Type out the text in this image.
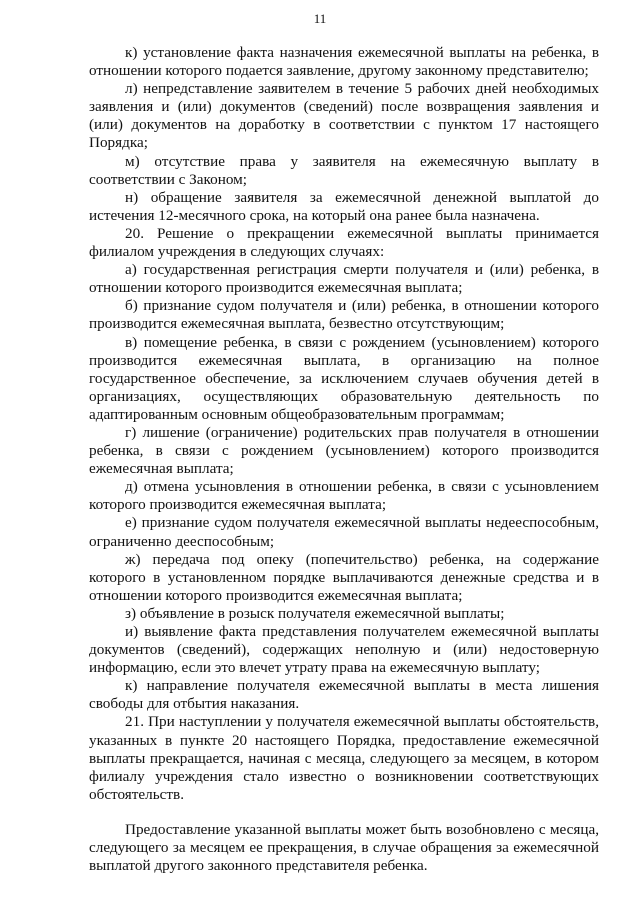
11

к) установление факта назначения ежемесячной выплаты на ребенка, в отношении которого подается заявление, другому законному представителю;

л) непредставление заявителем в течение 5 рабочих дней необходимых заявления и (или) документов (сведений) после возвращения заявления и (или) документов на доработку в соответствии с пунктом 17 настоящего Порядка;

м) отсутствие права у заявителя на ежемесячную выплату в соответствии с Законом;

н) обращение заявителя за ежемесячной денежной выплатой до истечения 12-месячного срока, на который она ранее была назначена.

20. Решение о прекращении ежемесячной выплаты принимается филиалом учреждения в следующих случаях:

а) государственная регистрация смерти получателя и (или) ребенка, в отношении которого производится ежемесячная выплата;

б) признание судом получателя и (или) ребенка, в отношении которого производится ежемесячная выплата, безвестно отсутствующим;

в) помещение ребенка, в связи с рождением (усыновлением) которого производится ежемесячная выплата, в организацию на полное государственное обеспечение, за исключением случаев обучения детей в организациях, осуществляющих образовательную деятельность по адаптированным основным общеобразовательным программам;

г) лишение (ограничение) родительских прав получателя в отношении ребенка, в связи с рождением (усыновлением) которого производится ежемесячная выплата;

д) отмена усыновления в отношении ребенка, в связи с усыновлением которого производится ежемесячная выплата;

е) признание судом получателя ежемесячной выплаты недееспособным, ограниченно дееспособным;

ж) передача под опеку (попечительство) ребенка, на содержание которого в установленном порядке выплачиваются денежные средства и в отношении которого производится ежемесячная выплата;

з) объявление в розыск получателя ежемесячной выплаты;

и) выявление факта представления получателем ежемесячной выплаты документов (сведений), содержащих неполную и (или) недостоверную информацию, если это влечет утрату права на ежемесячную выплату;

к) направление получателя ежемесячной выплаты в места лишения свободы для отбытия наказания.

21. При наступлении у получателя ежемесячной выплаты обстоятельств, указанных в пункте 20 настоящего Порядка, предоставление ежемесячной выплаты прекращается, начиная с месяца, следующего за месяцем, в котором филиалу учреждения стало известно о возникновении соответствующих обстоятельств.

Предоставление указанной выплаты может быть возобновлено с месяца, следующего за месяцем ее прекращения, в случае обращения за ежемесячной выплатой другого законного представителя ребенка.
